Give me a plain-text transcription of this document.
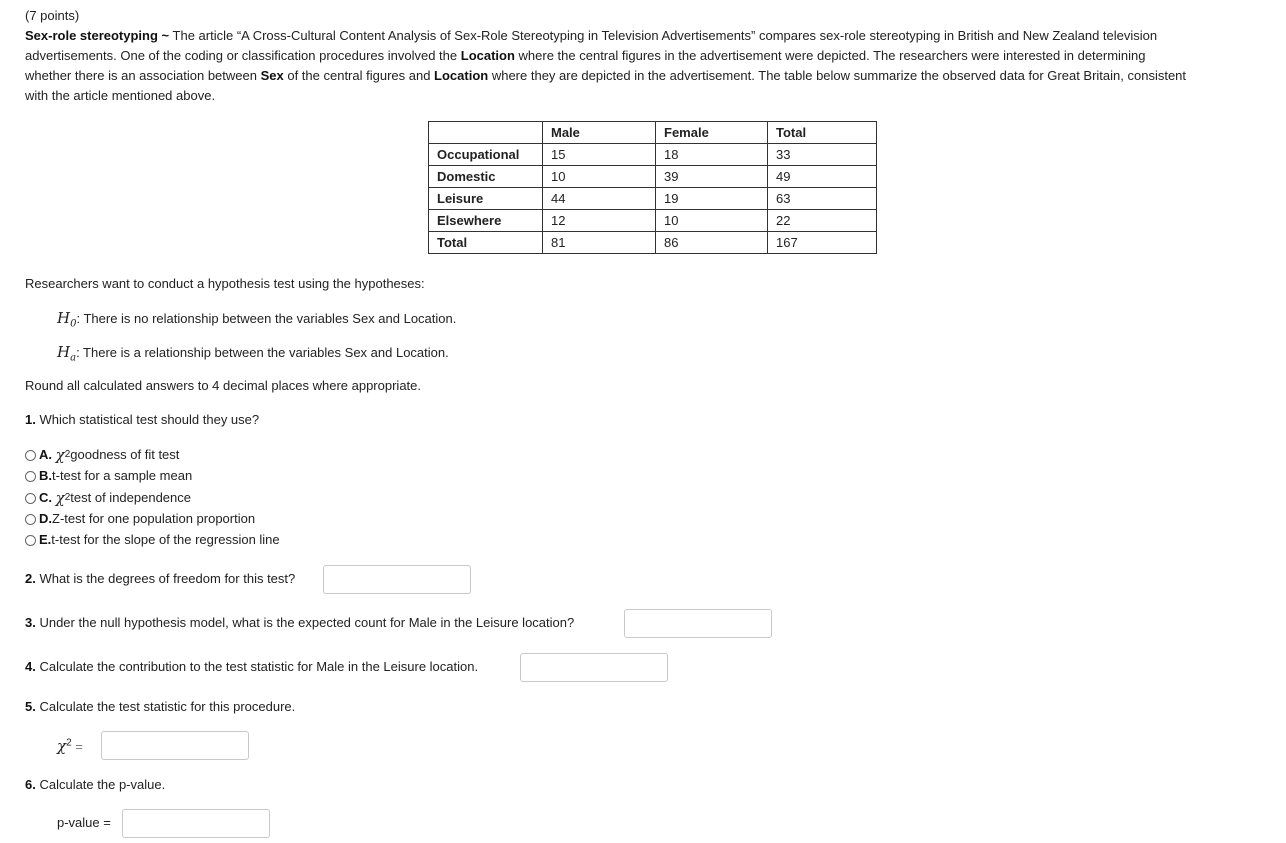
(7 points)

Sex-role stereotyping ~ The article “A Cross-Cultural Content Analysis of Sex-Role Stereotyping in Television Advertisements” compares sex-role stereotyping in British and New Zealand television

advertisements. One of the coding or classification procedures involved the Location where the central figures in the advertisement were depicted. The researchers were interested in determining

whether there is an association between Sex of the central figures and Location where they are depicted in the advertisement. The table below summarize the observed data for Great Britain, consistent

with the article mentioned above.

	Male	Female	Total
Occupational	15	18	33
Domestic	10	39	49
Leisure	44	19	63
Elsewhere	12	10	22
Total	81	86	167
Researchers want to conduct a hypothesis test using the hypotheses:
$H_0$: There is no relationship between the variables Sex and Location.
$H_a$: There is a relationship between the variables Sex and Location.
Round all calculated answers to 4 decimal places where appropriate.
1. Which statistical test should they use?
A.
χ 2 goodness of fit test
B. t-test for a sample mean
C.
χ 2 test of independence
D. Z-test for one population proportion
E. t-test for the slope of the regression line
2. What is the degrees of freedom for this test?
3. Under the null hypothesis model, what is the expected count for Male in the Leisure location?
4. Calculate the contribution to the test statistic for Male in the Leisure location.
5. Calculate the test statistic for this procedure.
$\chi^2$ =
6. Calculate the p-value.
p-value =
